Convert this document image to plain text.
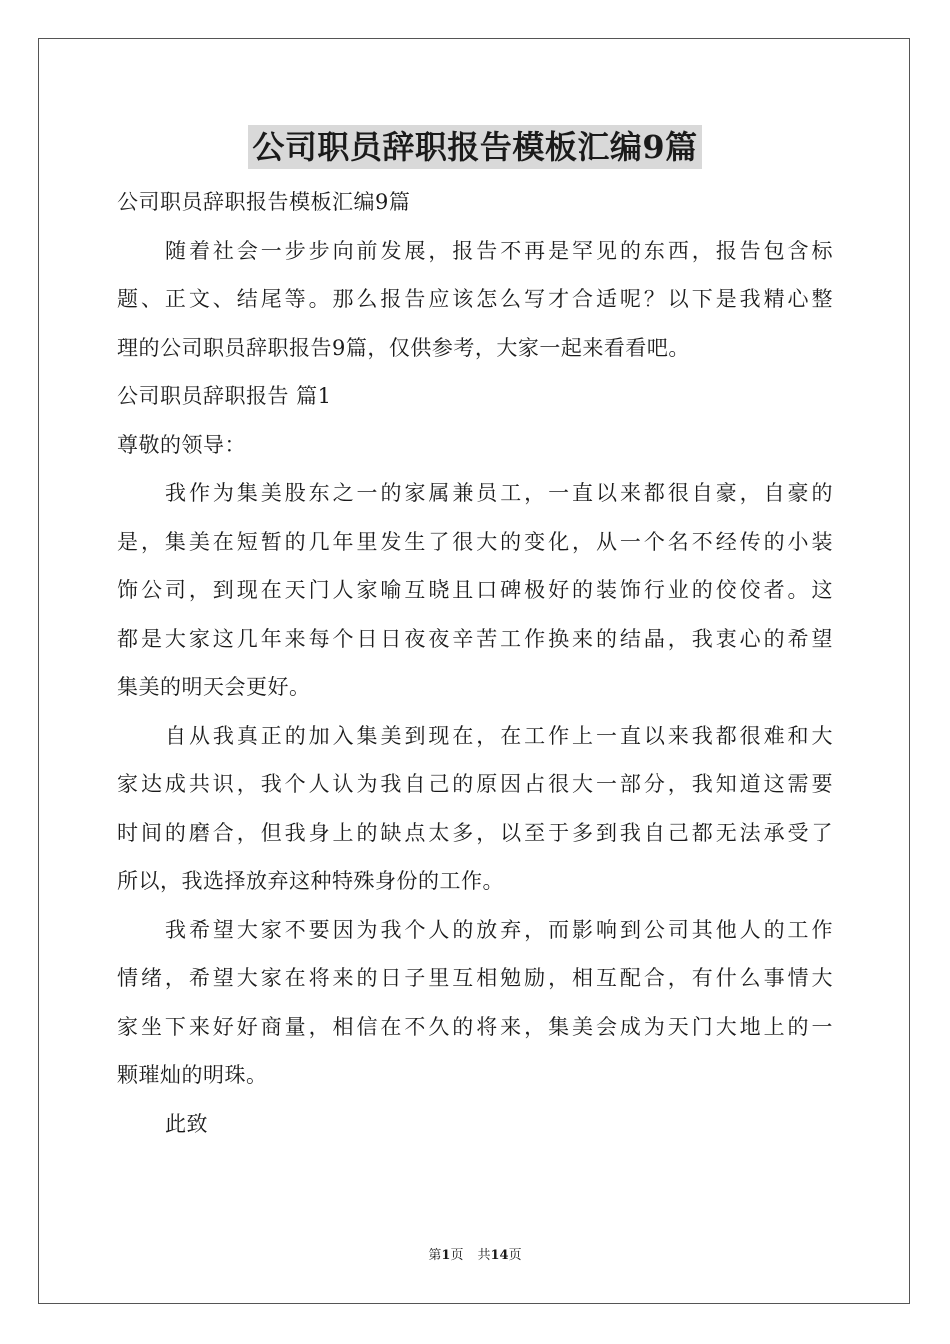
公司职员辞职报告模板汇编9篇
公司职员辞职报告模板汇编9篇
随着社会一步步向前发展，报告不再是罕见的东西，报告包含标
题、正文、结尾等。那么报告应该怎么写才合适呢？以下是我精心整
理的公司职员辞职报告9篇，仅供参考，大家一起来看看吧。
公司职员辞职报告 篇1
尊敬的领导：
我作为集美股东之一的家属兼员工，一直以来都很自豪，自豪的
是，集美在短暂的几年里发生了很大的变化，从一个名不经传的小装
饰公司，到现在天门人家喻互晓且口碑极好的装饰行业的佼佼者。这
都是大家这几年来每个日日夜夜辛苦工作换来的结晶，我衷心的希望
集美的明天会更好。
自从我真正的加入集美到现在，在工作上一直以来我都很难和大
家达成共识，我个人认为我自己的原因占很大一部分，我知道这需要
时间的磨合，但我身上的缺点太多，以至于多到我自己都无法承受了
所以，我选择放弃这种特殊身份的工作。
我希望大家不要因为我个人的放弃，而影响到公司其他人的工作
情绪，希望大家在将来的日子里互相勉励，相互配合，有什么事情大
家坐下来好好商量，相信在不久的将来，集美会成为天门大地上的一
颗璀灿的明珠。
此致
第1页 共14页
